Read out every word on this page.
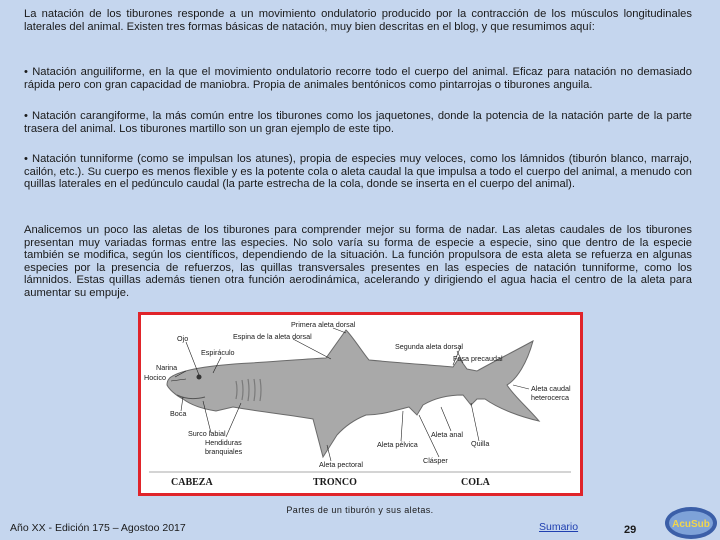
La natación de los tiburones responde a un movimiento ondulatorio producido por la contracción de los músculos longitudinales laterales del animal. Existen tres formas básicas de natación, muy bien descritas en el blog, y que resumimos aquí:

• Natación anguiliforme, en la que el movimiento ondulatorio recorre todo el cuerpo del animal. Eficaz para natación no demasiado rápida pero con gran capacidad de maniobra. Propia de animales bentónicos como pintarrojas o tiburones anguila.

• Natación carangiforme, la más común entre los tiburones como los jaquetones, donde la potencia de la natación parte de la parte trasera del animal. Los tiburones martillo son un gran ejemplo de este tipo.

• Natación tunniforme (como se impulsan los atunes), propia de especies muy veloces, como los lámnidos (tiburón blanco, marrajo, cailón, etc.). Su cuerpo es menos flexible y es la potente cola o aleta caudal la que impulsa a todo el cuerpo del animal, a menudo con quillas laterales en el pedúnculo caudal (la parte estrecha de la cola, donde se inserta en el cuerpo del animal).

Analicemos un poco las aletas de los tiburones para comprender mejor su forma de nadar. Las aletas caudales de los tiburones presentan muy variadas formas entre las especies. No solo varía su forma de especie a especie, sino que dentro de la especie también se modifica, según los científicos, dependiendo de la situación. La función propulsora de esta aleta se refuerza en algunas especies por la presencia de refuerzos, las quillas transversales presentes en las especies de natación tunniforme, como los lámnidos. Estas quillas además tienen otra función aerodinámica, acelerando y dirigiendo el agua hacia el centro de la aleta para aumentar su empuje.

Primera aleta dorsal
Espina de la aleta dorsal
Ojo
Espiráculo
Narina
Hocico
Boca
Surco labial
Hendiduras
branquiales
Segunda aleta dorsal
Fosa precaudal
Aleta caudal
heterocerca
Aleta anal
Quilla
Clásper
Aleta pélvica
Aleta pectoral
CABEZA	TRONCO	COLA
Partes de un tiburón y sus aletas.
Año XX - Edición 175 – Agostoo 2017	Sumario	29	AcuSub
